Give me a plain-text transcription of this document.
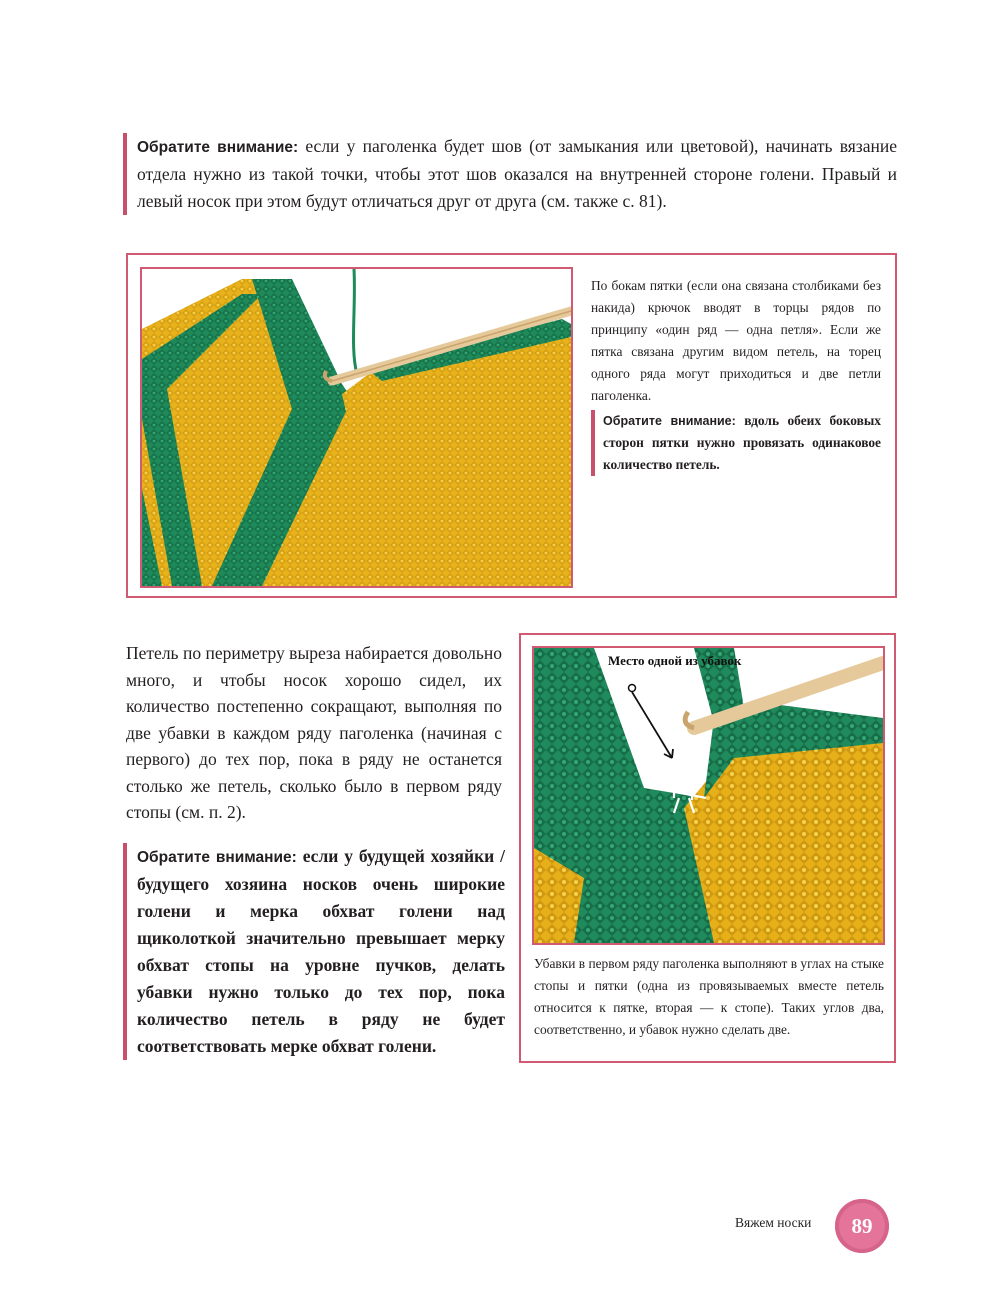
Обратите внимание: если у паголенка будет шов (от замыкания или цветовой), начинать вязание отдела нужно из такой точки, чтобы этот шов оказался на внутренней стороне голени. Правый и левый носок при этом будут отличаться друг от друга (см. также с. 81).
По бокам пятки (если она связана столбиками без накида) крючок вводят в торцы рядов по принципу «один ряд — одна петля». Если же пятка связана другим видом петель, на торец одного ряда могут приходиться и две петли паголенка.
Обратите внимание: вдоль обеих боковых сторон пятки нужно провязать одинаковое количество петель.
Петель по периметру выреза набирается довольно много, и чтобы носок хорошо сидел, их количество постепенно сокращают, выполняя по две убавки в каждом ряду паголенка (начиная с первого) до тех пор, пока в ряду не останется столько же петель, сколько было в первом ряду стопы (см. п. 2).
Обратите внимание: если у будущей хозяйки / будущего хозяина носков очень широкие голени и мерка обхват голени над щиколоткой значительно превышает мерку обхват стопы на уровне пучков, делать убавки нужно только до тех пор, пока количество петель в ряду не будет соответствовать мерке обхват голени.
Место одной из убавок
Убавки в первом ряду паголенка выполняют в углах на стыке стопы и пятки (одна из провязываемых вместе петель относится к пятке, вторая — к стопе). Таких углов два, соответственно, и убавок нужно сделать две.
Вяжем носки 89
